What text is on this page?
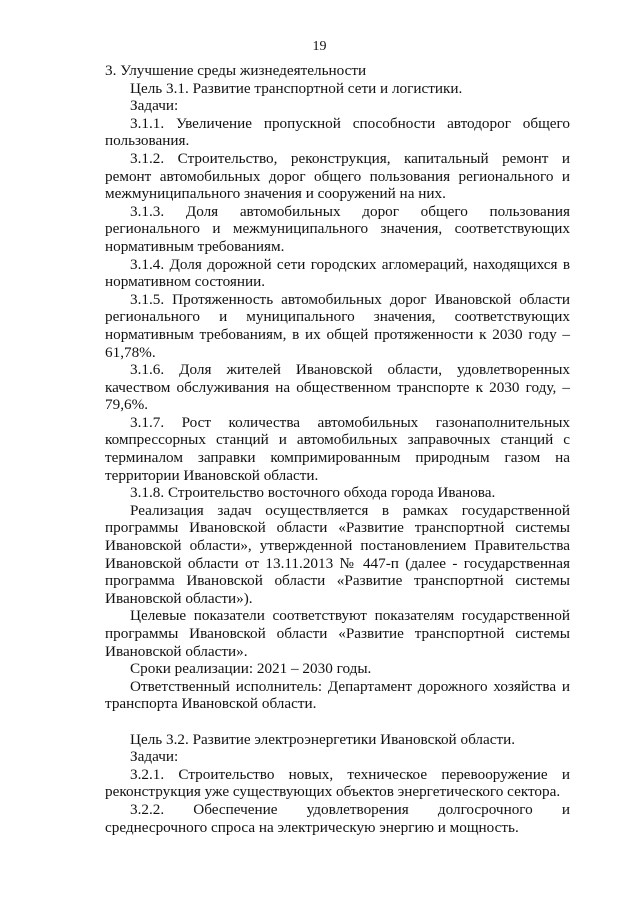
19

3. Улучшение среды жизнедеятельности

Цель 3.1. Развитие транспортной сети и логистики.

Задачи:

3.1.1. Увеличение пропускной способности автодорог общего пользования.

3.1.2. Строительство, реконструкция, капитальный ремонт и ремонт автомобильных дорог общего пользования регионального и межмуниципального значения и сооружений на них.

3.1.3. Доля автомобильных дорог общего пользования регионального и межмуниципального значения, соответствующих нормативным требованиям.

3.1.4. Доля дорожной сети городских агломераций, находящихся в нормативном состоянии.

3.1.5. Протяженность автомобильных дорог Ивановской области регионального и муниципального значения, соответствующих нормативным требованиям, в их общей протяженности к 2030 году – 61,78%.

3.1.6. Доля жителей Ивановской области, удовлетворенных качеством обслуживания на общественном транспорте к 2030 году, – 79,6%.

3.1.7. Рост количества автомобильных газонаполнительных компрессорных станций и автомобильных заправочных станций с терминалом заправки компримированным природным газом на территории Ивановской области.

3.1.8. Строительство восточного обхода города Иванова.

Реализация задач осуществляется в рамках государственной программы Ивановской области «Развитие транспортной системы Ивановской области», утвержденной постановлением Правительства Ивановской области от 13.11.2013 № 447-п (далее - государственная программа Ивановской области «Развитие транспортной системы Ивановской области»).

Целевые показатели соответствуют показателям государственной программы Ивановской области «Развитие транспортной системы Ивановской области».

Сроки реализации: 2021 – 2030 годы.

Ответственный исполнитель: Департамент дорожного хозяйства и транспорта Ивановской области.

Цель 3.2. Развитие электроэнергетики Ивановской области.

Задачи:

3.2.1. Строительство новых, техническое перевооружение и реконструкция уже существующих объектов энергетического сектора.

3.2.2. Обеспечение удовлетворения долгосрочного и среднесрочного спроса на электрическую энергию и мощность.
